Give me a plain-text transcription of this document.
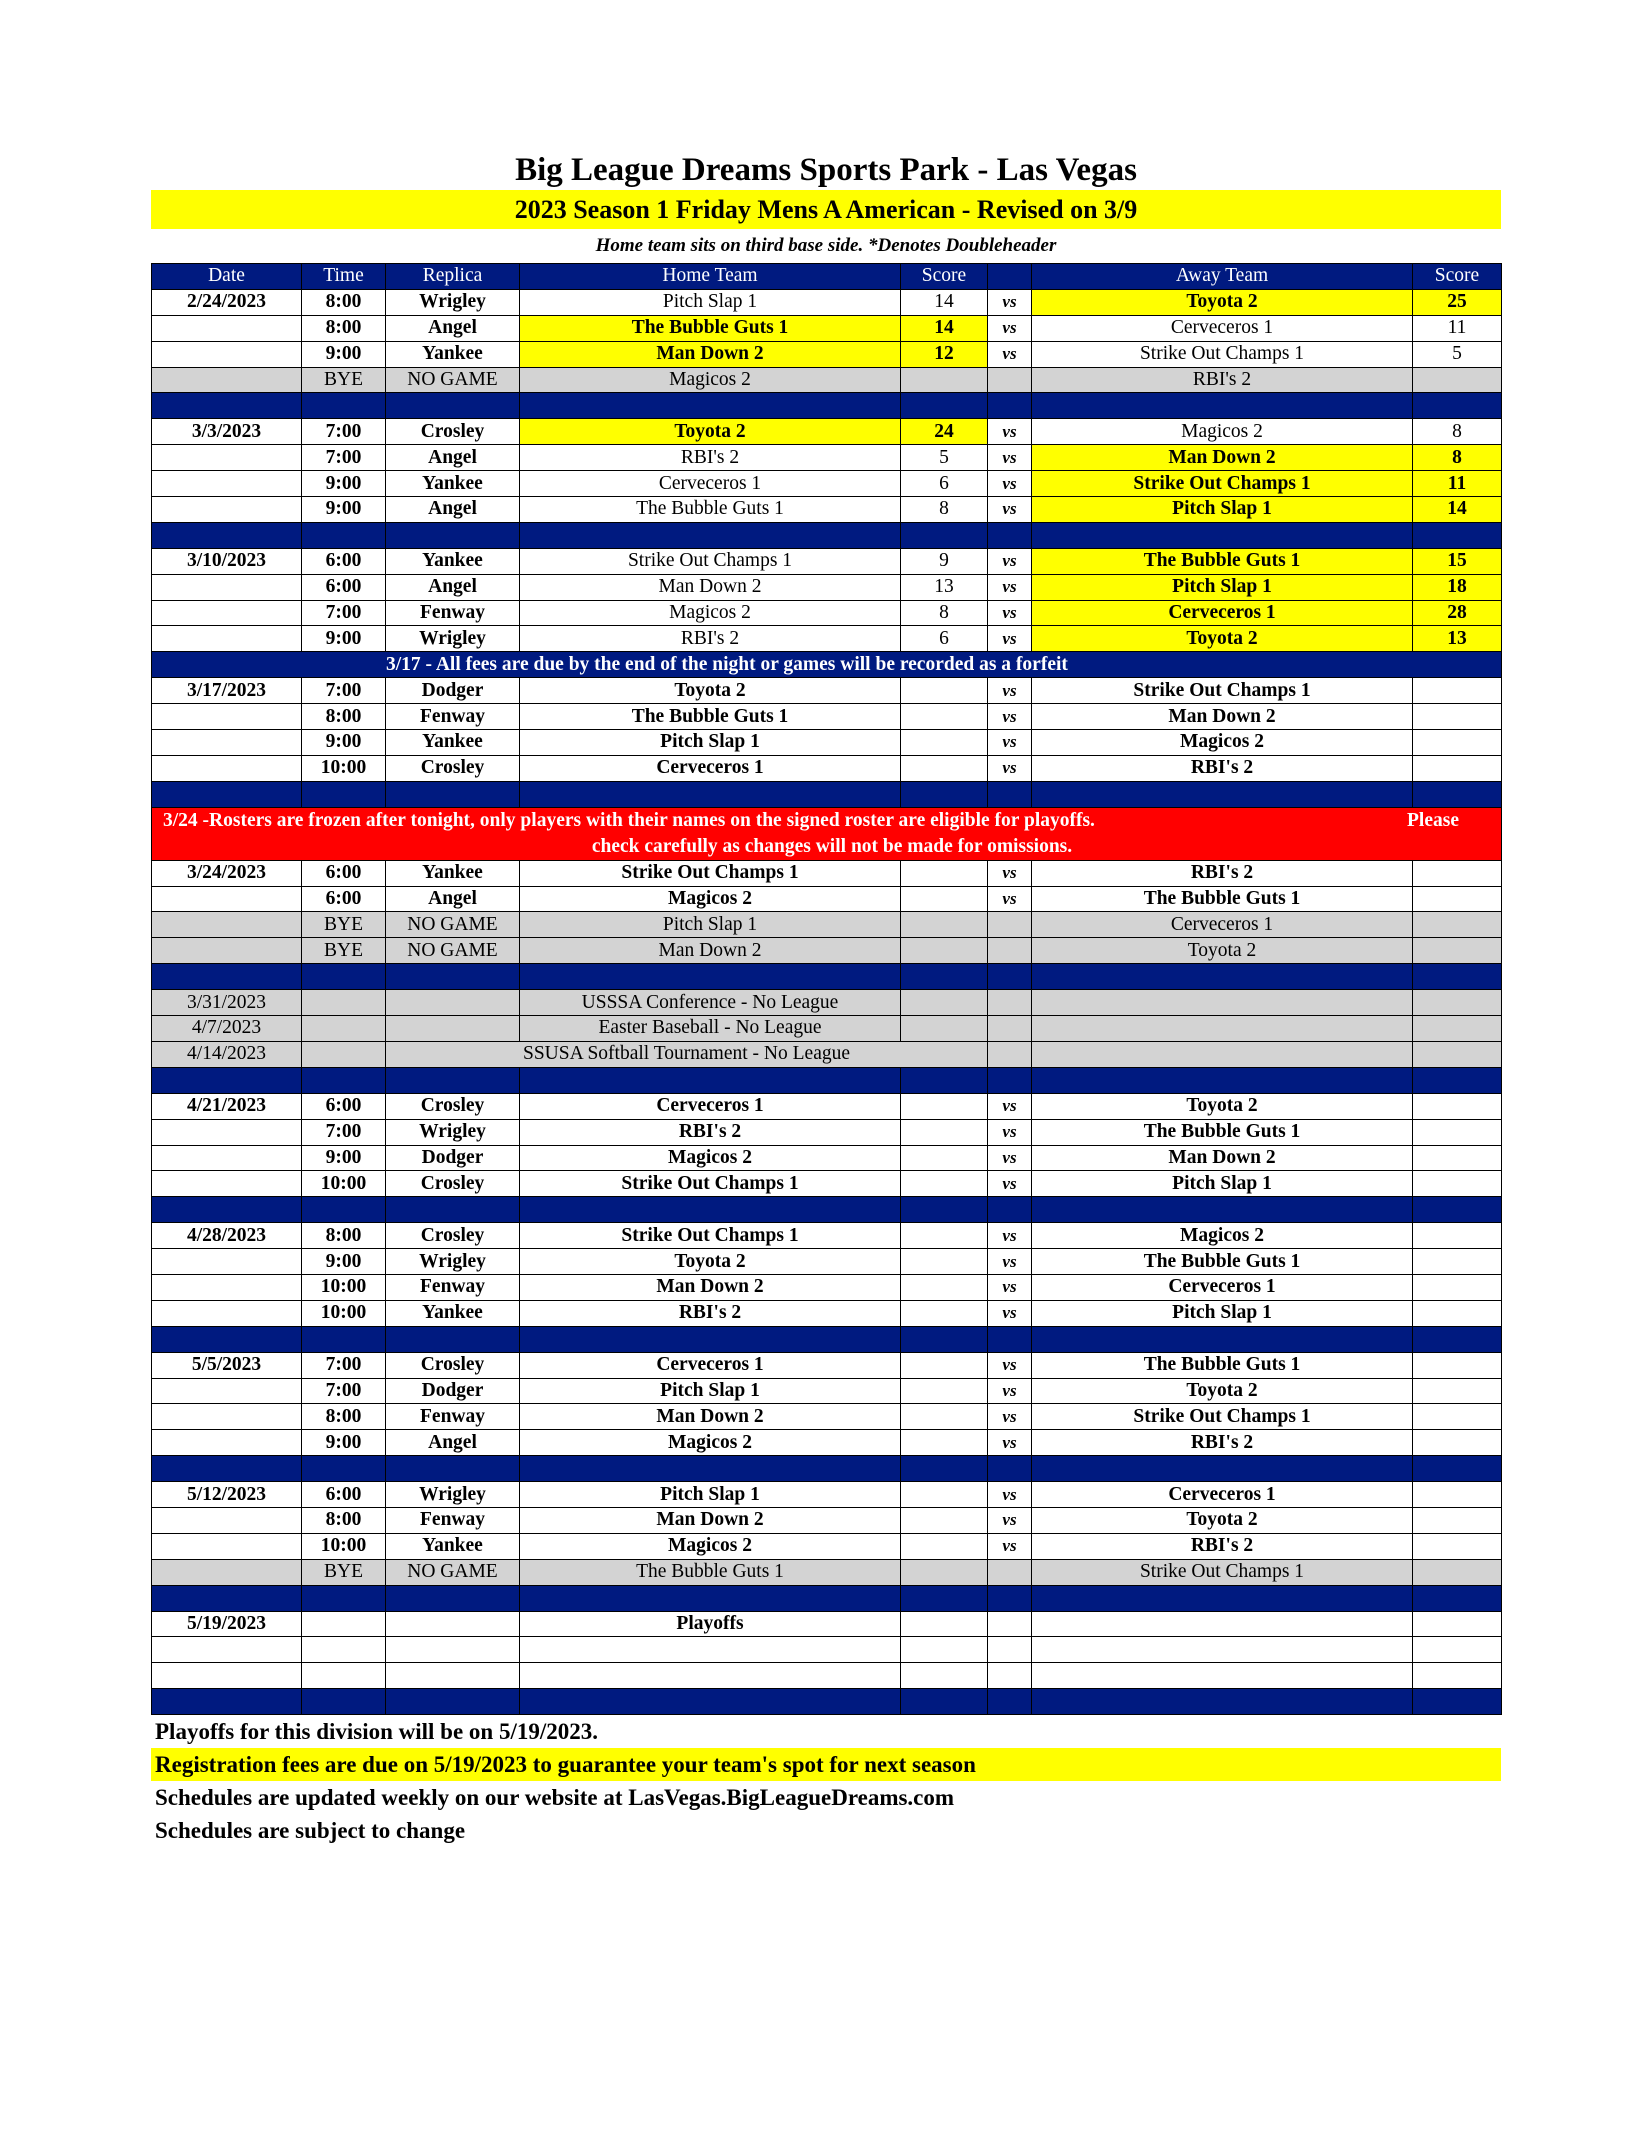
Big League Dreams Sports Park - Las Vegas
2023 Season 1 Friday Mens A American - Revised on 3/9
Home team sits on third base side. *Denotes Doubleheader
Date	Time	Replica	Home Team	Score		Away Team	Score
2/24/2023	8:00	Wrigley	Pitch Slap 1	14	vs	Toyota 2	25
	8:00	Angel	The Bubble Guts 1	14	vs	Cerveceros 1	11
	9:00	Yankee	Man Down 2	12	vs	Strike Out Champs 1	5
	BYE	NO GAME	Magicos 2			RBI's 2	

3/3/2023	7:00	Crosley	Toyota 2	24	vs	Magicos 2	8
	7:00	Angel	RBI's 2	5	vs	Man Down 2	8
	9:00	Yankee	Cerveceros 1	6	vs	Strike Out Champs 1	11
	9:00	Angel	The Bubble Guts 1	8	vs	Pitch Slap 1	14

3/10/2023	6:00	Yankee	Strike Out Champs 1	9	vs	The Bubble Guts 1	15
	6:00	Angel	Man Down 2	13	vs	Pitch Slap 1	18
	7:00	Fenway	Magicos 2	8	vs	Cerveceros 1	28
	9:00	Wrigley	RBI's 2	6	vs	Toyota 2	13
3/17 - All fees are due by the end of the night or games will be recorded as a forfeit							
3/17/2023	7:00	Dodger	Toyota 2		vs	Strike Out Champs 1	
	8:00	Fenway	The Bubble Guts 1		vs	Man Down 2	
	9:00	Yankee	Pitch Slap 1		vs	Magicos 2	
	10:00	Crosley	Cerveceros 1		vs	RBI's 2	

3/24 -Rosters are frozen after tonight, only players with their names on the signed roster are eligible for playoffs. Please
check carefully as changes will not be made for omissions.							

3/24/2023	6:00	Yankee	Strike Out Champs 1		vs	RBI's 2	
	6:00	Angel	Magicos 2		vs	The Bubble Guts 1	
	BYE	NO GAME	Pitch Slap 1			Cerveceros 1	
	BYE	NO GAME	Man Down 2			Toyota 2	

3/31/2023			USSSA Conference - No League				
4/7/2023			Easter Baseball - No League				
4/14/2023		SSUSA Softball Tournament - No League					

4/21/2023	6:00	Crosley	Cerveceros 1		vs	Toyota 2	
	7:00	Wrigley	RBI's 2		vs	The Bubble Guts 1	
	9:00	Dodger	Magicos 2		vs	Man Down 2	
	10:00	Crosley	Strike Out Champs 1		vs	Pitch Slap 1	

4/28/2023	8:00	Crosley	Strike Out Champs 1		vs	Magicos 2	
	9:00	Wrigley	Toyota 2		vs	The Bubble Guts 1	
	10:00	Fenway	Man Down 2		vs	Cerveceros 1	
	10:00	Yankee	RBI's 2		vs	Pitch Slap 1	

5/5/2023	7:00	Crosley	Cerveceros 1		vs	The Bubble Guts 1	
	7:00	Dodger	Pitch Slap 1		vs	Toyota 2	
	8:00	Fenway	Man Down 2		vs	Strike Out Champs 1	
	9:00	Angel	Magicos 2		vs	RBI's 2	

5/12/2023	6:00	Wrigley	Pitch Slap 1		vs	Cerveceros 1	
	8:00	Fenway	Man Down 2		vs	Toyota 2	
	10:00	Yankee	Magicos 2		vs	RBI's 2	
	BYE	NO GAME	The Bubble Guts 1			Strike Out Champs 1	

5/19/2023			Playoffs				

Playoffs for this division will be on 5/19/2023.
Registration fees are due on 5/19/2023 to guarantee your team's spot for next season
Schedules are updated weekly on our website at LasVegas.BigLeagueDreams.com
Schedules are subject to change
